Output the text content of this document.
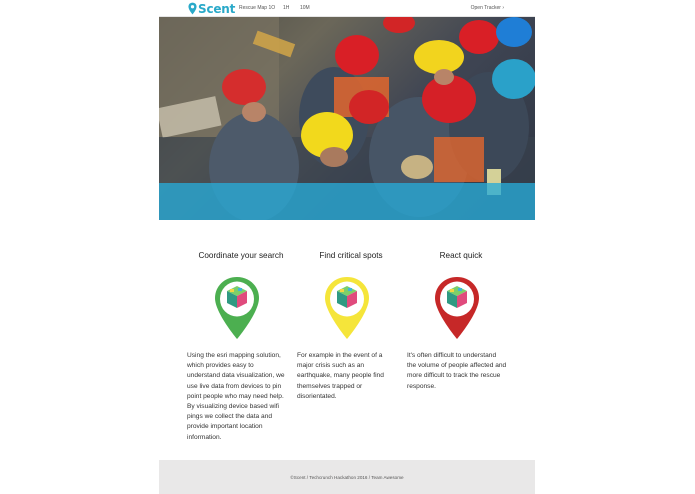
Scent Rescue Map 1O 1H 10M	Open Tracker ›
Coordinate your search
Using the esri mapping solution, which provides easy to understand data visualization, we use live data from devices to pin point people who may need help. By visualizing device based wifi pings we collect the data and provide important location information.
Find critical spots
For example in the event of a major crisis such as an earthquake, many people find themselves trapped or disorientated.
React quick
It's often difficult to understand the volume of people affected and more difficult to track the rescue response.
©Scent / Techcrunch Hackathon 2016 / Team Awesome
